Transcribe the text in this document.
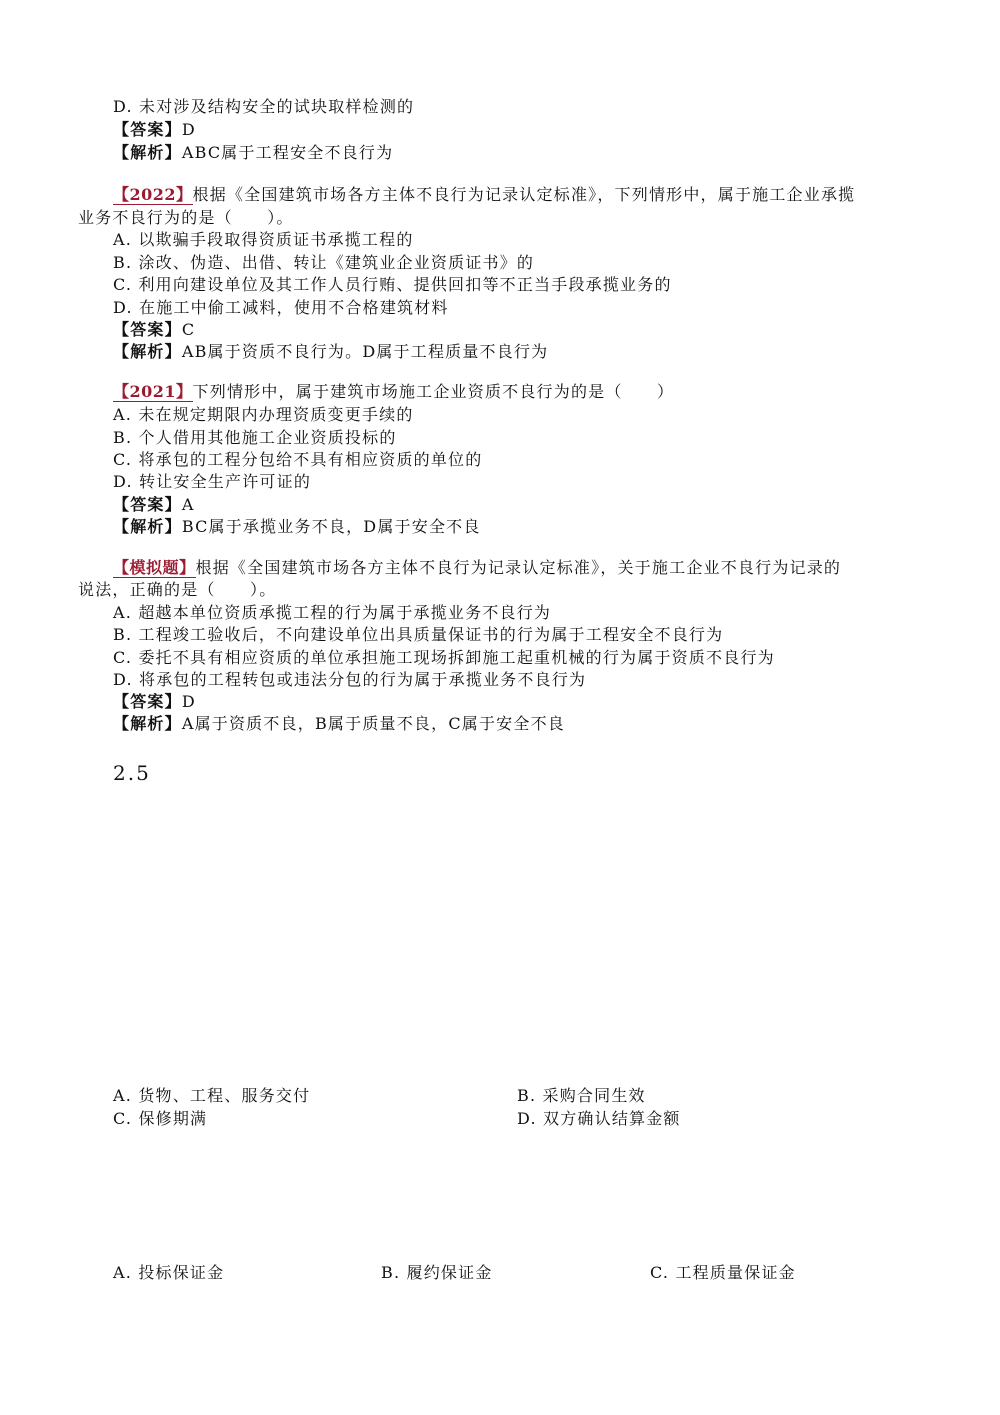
D. 未对涉及结构安全的试块取样检测的
【答案】D
【解析】ABC属于工程安全不良行为
【2022】根据《全国建筑市场各方主体不良行为记录认定标准》，下列情形中，属于施工企业承揽
业务不良行为的是（　　）。
A. 以欺骗手段取得资质证书承揽工程的
B. 涂改、伪造、出借、转让《建筑业企业资质证书》的
C. 利用向建设单位及其工作人员行贿、提供回扣等不正当手段承揽业务的
D. 在施工中偷工减料，使用不合格建筑材料
【答案】C
【解析】AB属于资质不良行为。D属于工程质量不良行为
【2021】下列情形中，属于建筑市场施工企业资质不良行为的是（　　）
A. 未在规定期限内办理资质变更手续的
B. 个人借用其他施工企业资质投标的
C. 将承包的工程分包给不具有相应资质的单位的
D. 转让安全生产许可证的
【答案】A
【解析】BC属于承揽业务不良，D属于安全不良
【模拟题】根据《全国建筑市场各方主体不良行为记录认定标准》，关于施工企业不良行为记录的
说法，正确的是（　　）。
A. 超越本单位资质承揽工程的行为属于承揽业务不良行为
B. 工程竣工验收后，不向建设单位出具质量保证书的行为属于工程安全不良行为
C. 委托不具有相应资质的单位承担施工现场拆卸施工起重机械的行为属于资质不良行为
D. 将承包的工程转包或违法分包的行为属于承揽业务不良行为
【答案】D
【解析】A属于资质不良，B属于质量不良，C属于安全不良
2.5
A. 货物、工程、服务交付	B. 采购合同生效
C. 保修期满	D. 双方确认结算金额
A. 投标保证金	B. 履约保证金	C. 工程质量保证金
